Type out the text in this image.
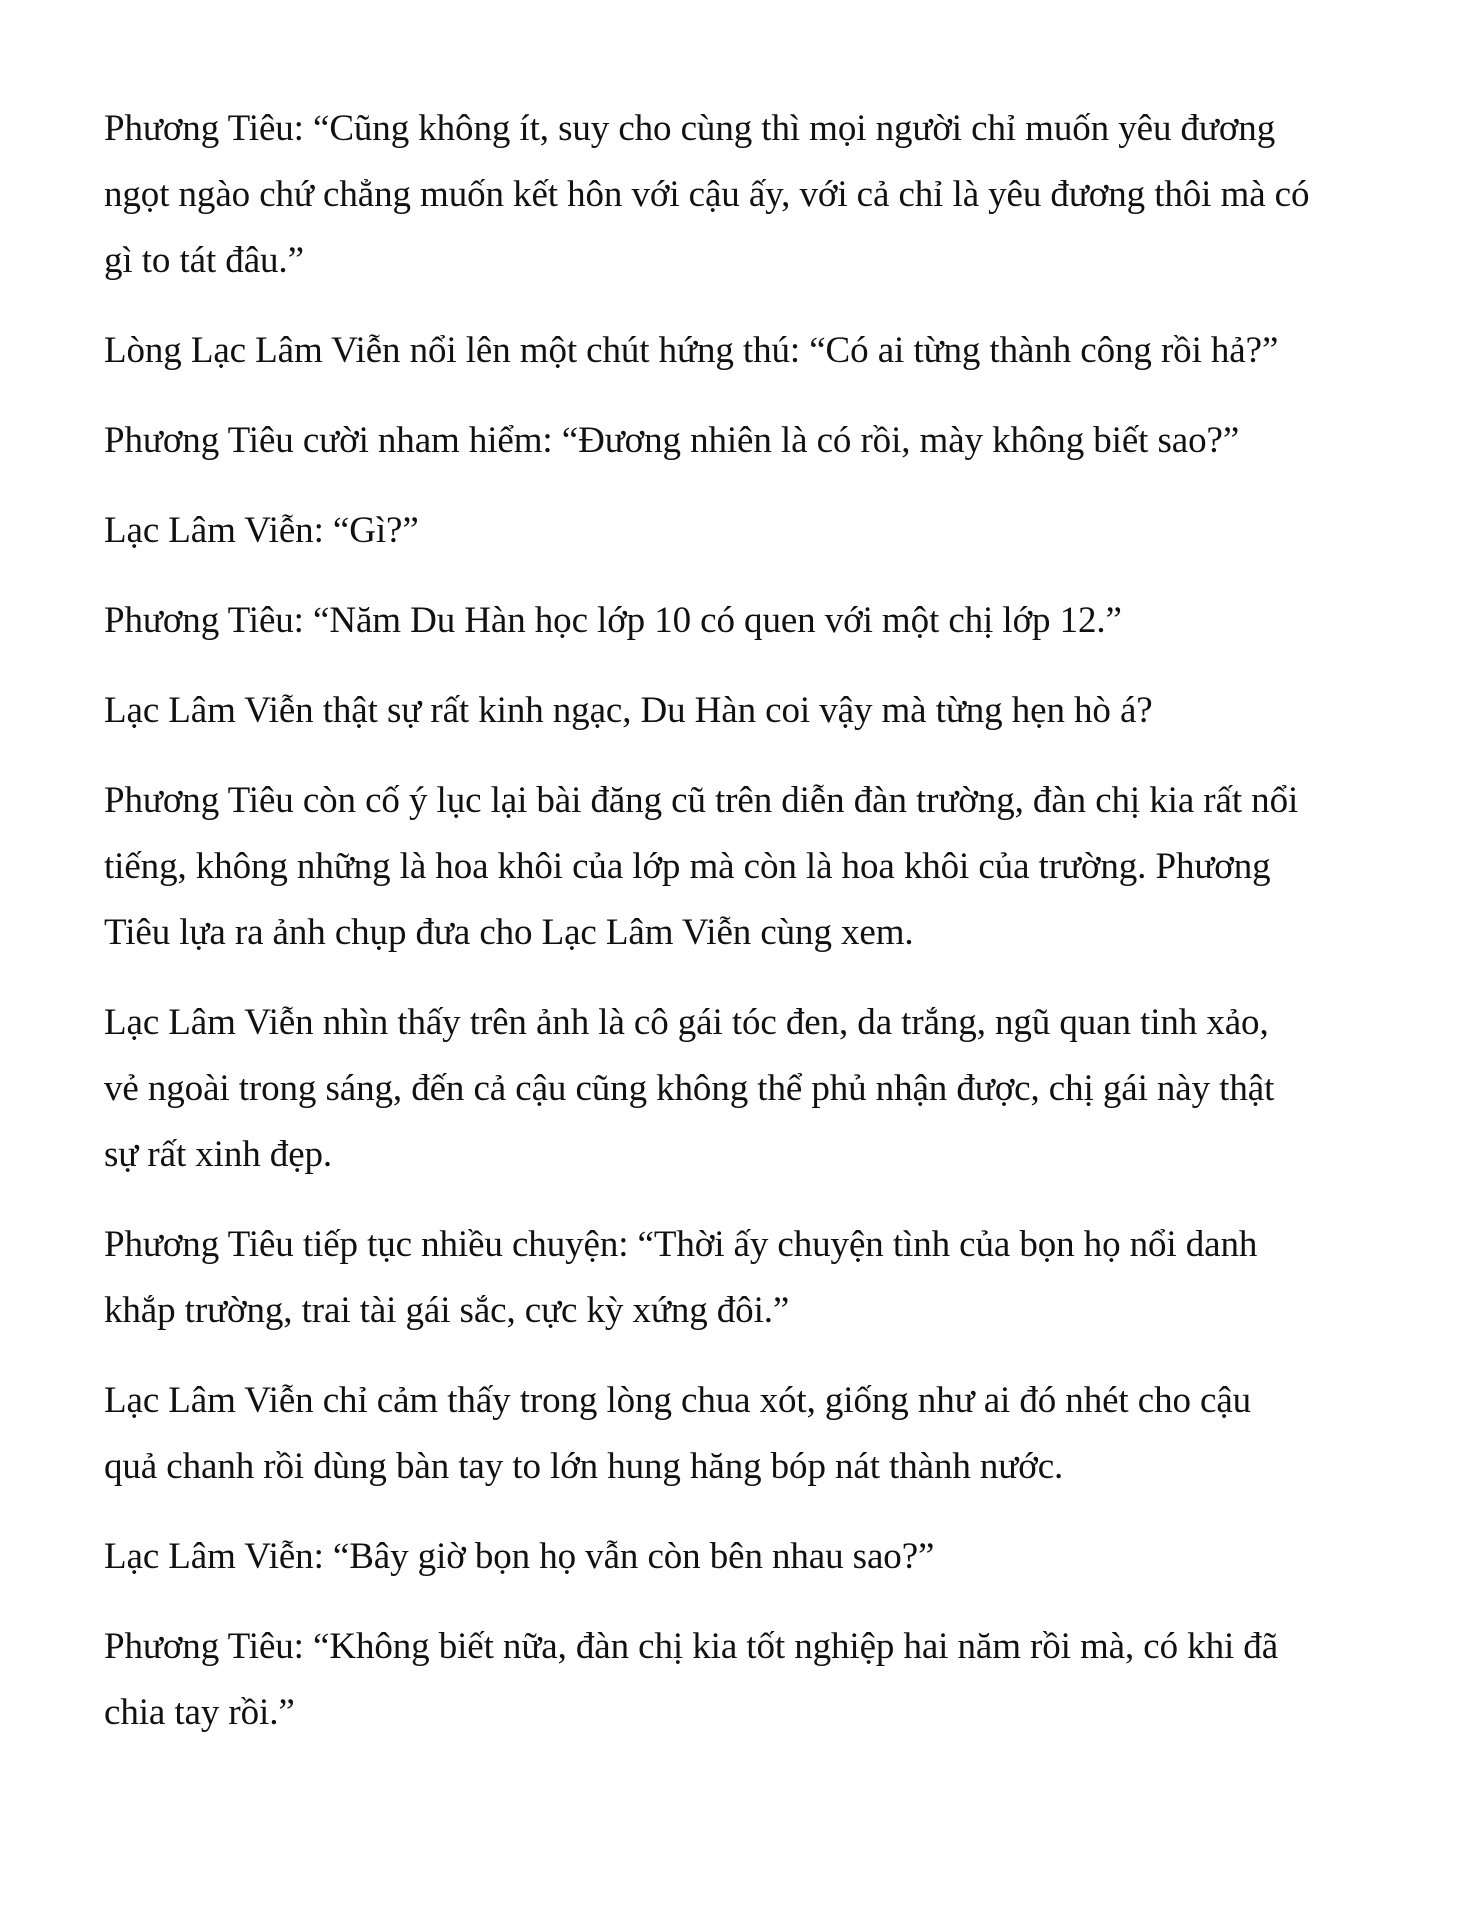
Phương Tiêu: “Cũng không ít, suy cho cùng thì mọi người chỉ muốn yêu đương
ngọt ngào chứ chẳng muốn kết hôn với cậu ấy, với cả chỉ là yêu đương thôi mà có
gì to tát đâu.”

Lòng Lạc Lâm Viễn nổi lên một chút hứng thú: “Có ai từng thành công rồi hả?”

Phương Tiêu cười nham hiểm: “Đương nhiên là có rồi, mày không biết sao?”

Lạc Lâm Viễn: “Gì?”

Phương Tiêu: “Năm Du Hàn học lớp 10 có quen với một chị lớp 12.”

Lạc Lâm Viễn thật sự rất kinh ngạc, Du Hàn coi vậy mà từng hẹn hò á?

Phương Tiêu còn cố ý lục lại bài đăng cũ trên diễn đàn trường, đàn chị kia rất nổi
tiếng, không những là hoa khôi của lớp mà còn là hoa khôi của trường. Phương
Tiêu lựa ra ảnh chụp đưa cho Lạc Lâm Viễn cùng xem.

Lạc Lâm Viễn nhìn thấy trên ảnh là cô gái tóc đen, da trắng, ngũ quan tinh xảo,
vẻ ngoài trong sáng, đến cả cậu cũng không thể phủ nhận được, chị gái này thật
sự rất xinh đẹp.

Phương Tiêu tiếp tục nhiều chuyện: “Thời ấy chuyện tình của bọn họ nổi danh
khắp trường, trai tài gái sắc, cực kỳ xứng đôi.”

Lạc Lâm Viễn chỉ cảm thấy trong lòng chua xót, giống như ai đó nhét cho cậu
quả chanh rồi dùng bàn tay to lớn hung hăng bóp nát thành nước.

Lạc Lâm Viễn: “Bây giờ bọn họ vẫn còn bên nhau sao?”

Phương Tiêu: “Không biết nữa, đàn chị kia tốt nghiệp hai năm rồi mà, có khi đã
chia tay rồi.”
